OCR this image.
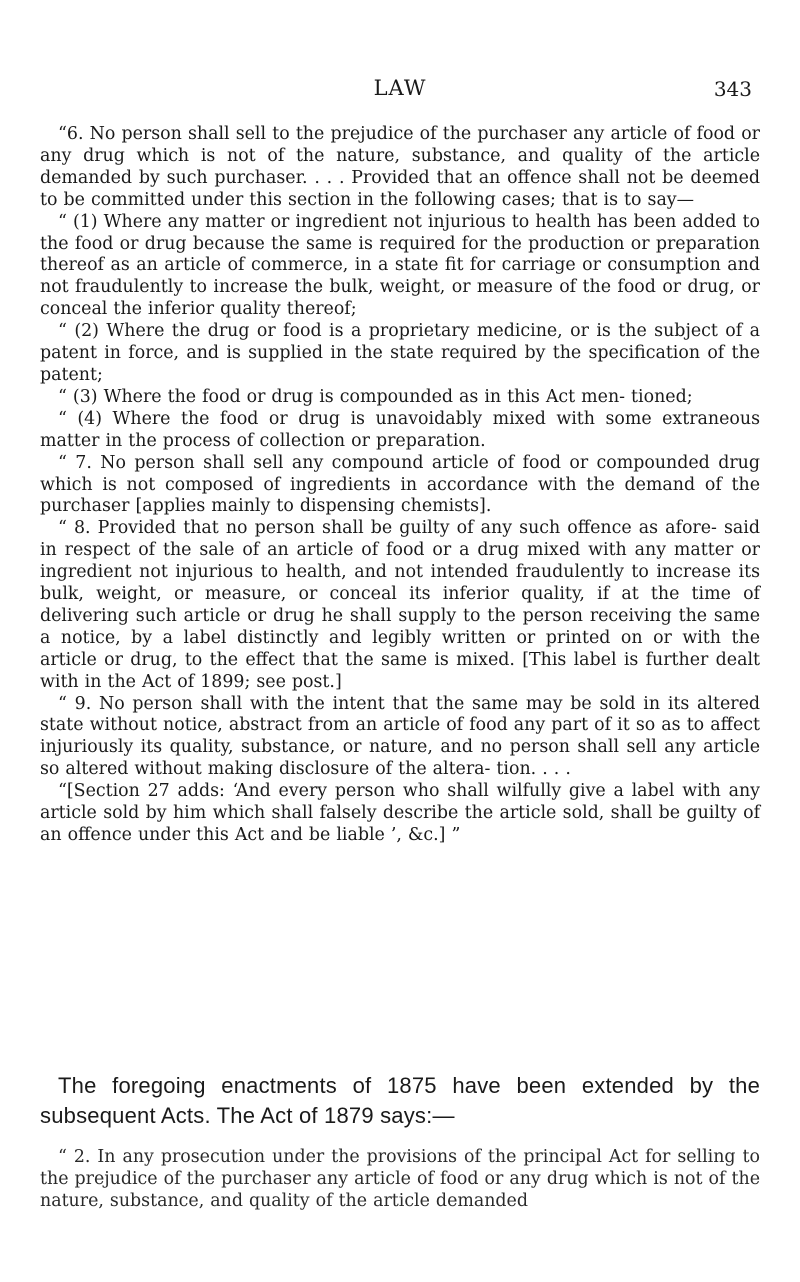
LAW	343

“6. No person shall sell to the prejudice of the purchaser any article of food or any drug which is not of the nature, substance, and quality of the article demanded by such purchaser. . . . Provided that an offence shall not be deemed to be committed under this section in the following cases; that is to say—

“ (1) Where any matter or ingredient not injurious to health has been added to the food or drug because the same is required for the production or preparation thereof as an article of commerce, in a state fit for carriage or consumption and not fraudulently to increase the bulk, weight, or measure of the food or drug, or conceal the inferior quality thereof;

“ (2) Where the drug or food is a proprietary medicine, or is the subject of a patent in force, and is supplied in the state required by the specification of the patent;

“ (3) Where the food or drug is compounded as in this Act men- tioned;

“ (4) Where the food or drug is unavoidably mixed with some extraneous matter in the process of collection or preparation.

“ 7. No person shall sell any compound article of food or compounded drug which is not composed of ingredients in accordance with the demand of the purchaser [applies mainly to dispensing chemists].

“ 8. Provided that no person shall be guilty of any such offence as afore- said in respect of the sale of an article of food or a drug mixed with any matter or ingredient not injurious to health, and not intended fraudulently to increase its bulk, weight, or measure, or conceal its inferior quality, if at the time of delivering such article or drug he shall supply to the person receiving the same a notice, by a label distinctly and legibly written or printed on or with the article or drug, to the effect that the same is mixed. [This label is further dealt with in the Act of 1899; see post.]

“ 9. No person shall with the intent that the same may be sold in its altered state without notice, abstract from an article of food any part of it so as to affect injuriously its quality, substance, or nature, and no person shall sell any article so altered without making disclosure of the altera- tion. . . .

“[Section 27 adds: ‘And every person who shall wilfully give a label with any article sold by him which shall falsely describe the article sold, shall be guilty of an offence under this Act and be liable ’, &c.] ”

The foregoing enactments of 1875 have been extended by the subsequent Acts. The Act of 1879 says:—

“ 2. In any prosecution under the provisions of the principal Act for selling to the prejudice of the purchaser any article of food or any drug which is not of the nature, substance, and quality of the article demanded
